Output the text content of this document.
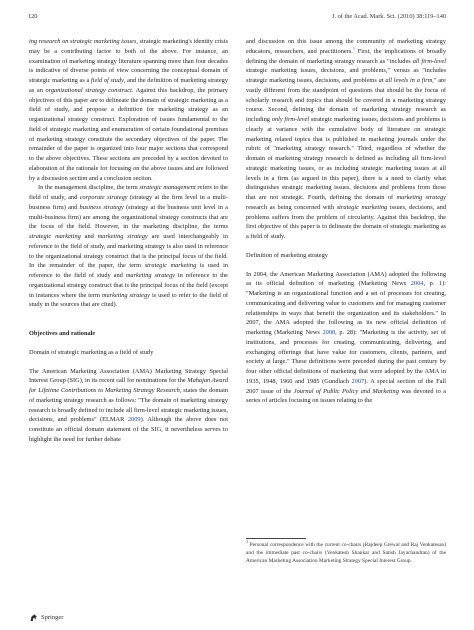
120	J. of the Acad. Mark. Sci. (2010) 38:119–140

ing research on strategic marketing issues, strategic marketing's identity crisis may be a contributing factor to both of the above. For instance, an examination of marketing strategy literature spanning more than four decades is indicative of diverse points of view concerning the conceptual domain of strategic marketing as a field of study, and the definition of marketing strategy as an organizational strategy construct. Against this backdrop, the primary objectives of this paper are to delineate the domain of strategic marketing as a field of study, and propose a definition for marketing strategy as an organizational strategy construct. Exploration of issues fundamental to the field of strategic marketing and enumeration of certain foundational premises of marketing strategy constitute the secondary objectives of the paper. The remainder of the paper is organized into four major sections that correspond to the above objectives. These sections are preceded by a section devoted to elaboration of the rationale for focusing on the above issues and are followed by a discussion section and a conclusion section.

In the management discipline, the term strategic management refers to the field of study, and corporate strategy (strategy at the firm level in a multi-business firm) and business strategy (strategy at the business unit level in a multi-business firm) are among the organizational strategy constructs that are the focus of the field. However, in the marketing discipline, the terms strategic marketing and marketing strategy are used interchangeably in reference to the field of study, and marketing strategy is also used in reference to the organizational strategy construct that is the principal focus of the field. In the remainder of the paper, the term strategic marketing is used in reference to the field of study and marketing strategy in reference to the organizational strategy construct that is the principal focus of the field (except in instances where the term marketing strategy is used to refer to the field of study in the sources that are cited).

Objectives and rationale

Domain of strategic marketing as a field of study

The American Marketing Association (AMA) Marketing Strategy Special Interest Group (SIG), in its recent call for nominations for the Mahajan Award for Lifetime Contributions to Marketing Strategy Research, states the domain of marketing strategy research as follows: "The domain of marketing strategy research is broadly defined to include all firm-level strategic marketing issues, decisions, and problems" (ELMAR 2009). Although the above does not constitute an official domain statement of the SIG, it nevertheless serves to highlight the need for further debate

and discussion on this issue among the community of marketing strategy educators, researchers, and practitioners.$^1$ First, the implications of broadly defining the domain of marketing strategy research as "includes all firm-level strategic marketing issues, decisions, and problems," versus as "includes strategic marketing issues, decisions, and problems at all levels in a firm," are vastly different from the standpoint of questions that should be the focus of scholarly research and topics that should be covered in a marketing strategy course. Second, defining the domain of marketing strategy research as including only firm-level strategic marketing issues, decisions and problems is clearly at variance with the cumulative body of literature on strategic marketing related topics that is published in marketing journals under the rubric of "marketing strategy research." Third, regardless of whether the domain of marketing strategy research is defined as including all firm-level strategic marketing issues, or as including strategic marketing issues at all levels in a firm (as argued in this paper), there is a need to clarify what distinguishes strategic marketing issues, decisions and problems from those that are not strategic. Fourth, defining the domain of marketing strategy research as being concerned with strategic marketing issues, decisions, and problems suffers from the problem of circularity. Against this backdrop, the first objective of this paper is to delineate the domain of strategic marketing as a field of study.

Definition of marketing strategy

In 2004, the American Marketing Association (AMA) adopted the following as its official definition of marketing (Marketing News 2004, p. 1): "Marketing is an organizational function and a set of processes for creating, communicating and delivering value to customers and for managing customer relationships in ways that benefit the organization and its stakeholders." In 2007, the AMA adopted the following as its new official definition of marketing (Marketing News 2008, p. 28): "Marketing is the activity, set of institutions, and processes for creating, communicating, delivering, and exchanging offerings that have value for customers, clients, partners, and society at large." These definitions were preceded during the past century by four other official definitions of marketing that were adopted by the AMA in 1935, 1948, 1960 and 1985 (Gundlach 2007). A special section of the Fall 2007 issue of the Journal of Public Policy and Marketing was devoted to a series of articles focusing on issues relating to the

$^1$ Personal correspondence with the current co-chairs (Rajdeep Grewal and Raj Venkatesan) and the immediate past co-chairs (Venkatesh Shankar and Satish Jayachandran) of the American Marketing Association Marketing Strategy Special Interest Group.
Springer
